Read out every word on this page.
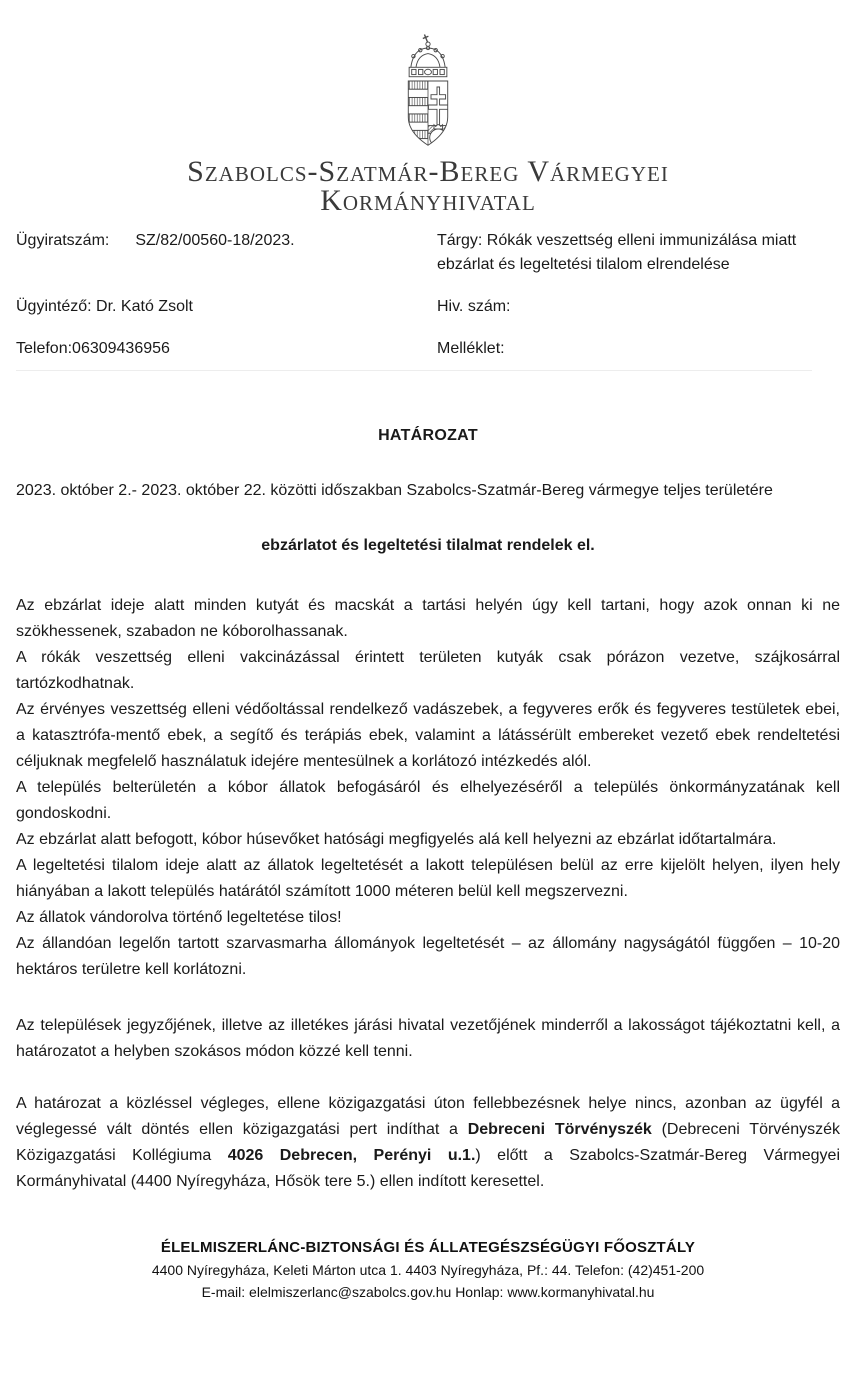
Szabolcs-Szatmár-Bereg Vármegyei
Kormányhivatal
Ügyiratszám: SZ/82/00560-18/2023.	Tárgy: Rókák veszettség elleni immunizálása miatt ebzárlat és legeltetési tilalom elrendelése
Ügyintéző: Dr. Kató Zsolt	Hiv. szám:
Telefon:06309436956	Melléklet:
HATÁROZAT

2023. október 2.- 2023. október 22. közötti időszakban Szabolcs-Szatmár-Bereg vármegye teljes területére

ebzárlatot és legeltetési tilalmat rendelek el.

Az ebzárlat ideje alatt minden kutyát és macskát a tartási helyén úgy kell tartani, hogy azok onnan ki ne szökhessenek, szabadon ne kóborolhassanak.

A rókák veszettség elleni vakcinázással érintett területen kutyák csak pórázon vezetve, szájkosárral tartózkodhatnak.

Az érvényes veszettség elleni védőoltással rendelkező vadászebek, a fegyveres erők és fegyveres testületek ebei, a katasztrófa-mentő ebek, a segítő és terápiás ebek, valamint a látássérült embereket vezető ebek rendeltetési céljuknak megfelelő használatuk idejére mentesülnek a korlátozó intézkedés alól.

A település belterületén a kóbor állatok befogásáról és elhelyezéséről a település önkormányzatának kell gondoskodni.

Az ebzárlat alatt befogott, kóbor húsevőket hatósági megfigyelés alá kell helyezni az ebzárlat időtartalmára.

A legeltetési tilalom ideje alatt az állatok legeltetését a lakott településen belül az erre kijelölt helyen, ilyen hely hiányában a lakott település határától számított 1000 méteren belül kell megszervezni.

Az állatok vándorolva történő legeltetése tilos!

Az állandóan legelőn tartott szarvasmarha állományok legeltetését – az állomány nagyságától függően – 10-20 hektáros területre kell korlátozni.

Az települések jegyzőjének, illetve az illetékes járási hivatal vezetőjének minderről a lakosságot tájékoztatni kell, a határozatot a helyben szokásos módon közzé kell tenni.

A határozat a közléssel végleges, ellene közigazgatási úton fellebbezésnek helye nincs, azonban az ügyfél a véglegessé vált döntés ellen közigazgatási pert indíthat a Debreceni Törvényszék (Debreceni Törvényszék Közigazgatási Kollégiuma 4026 Debrecen, Perényi u.1.) előtt a Szabolcs-Szatmár-Bereg Vármegyei Kormányhivatal (4400 Nyíregyháza, Hősök tere 5.) ellen indított keresettel.

ÉLELMISZERLÁNC-BIZTONSÁGI ÉS ÁLLATEGÉSZSÉGÜGYI FŐOSZTÁLY
4400 Nyíregyháza, Keleti Márton utca 1. 4403 Nyíregyháza, Pf.: 44. Telefon: (42)451-200
E-mail: elelmiszerlanc@szabolcs.gov.hu Honlap: www.kormanyhivatal.hu
